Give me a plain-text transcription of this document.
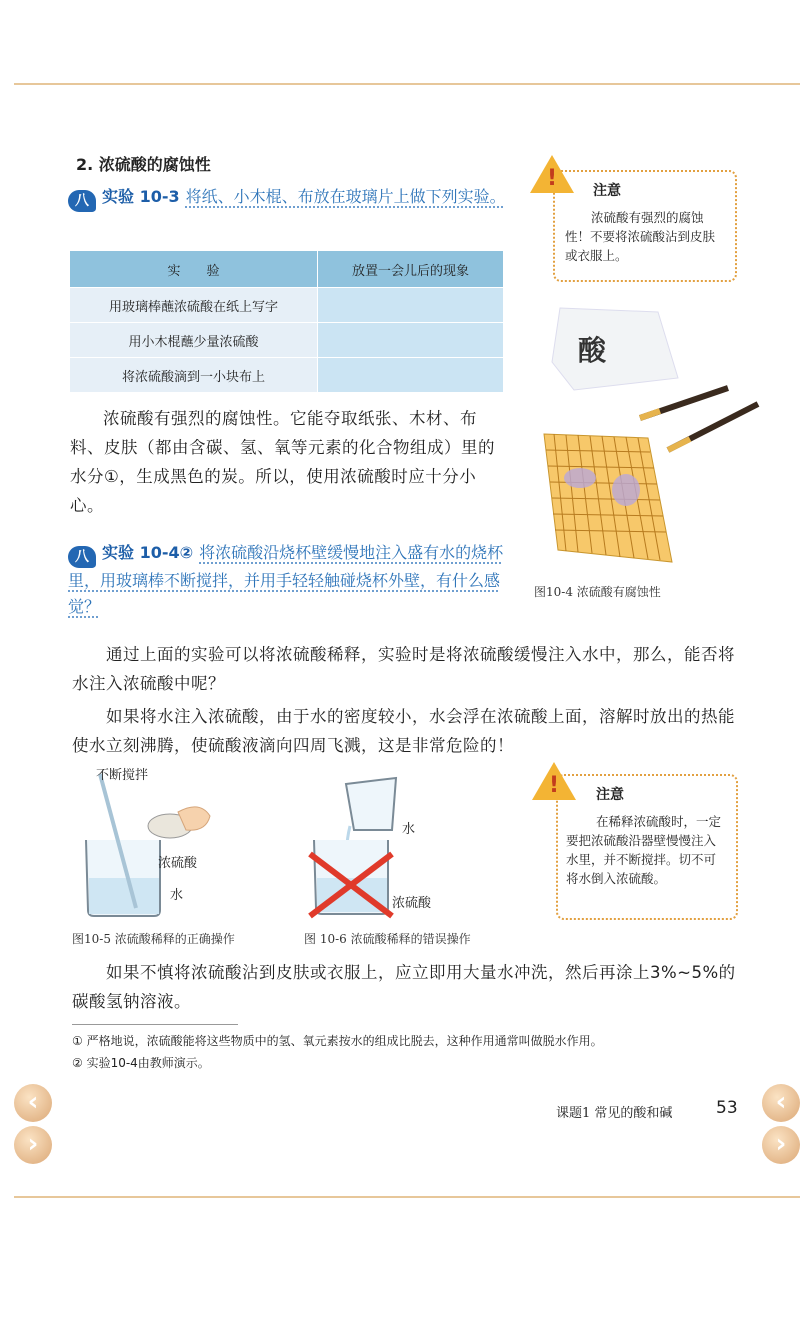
2. 浓硫酸的腐蚀性
八 实验 10-3 将纸、小木棍、布放在玻璃片上做下列实验。
实　　验	放置一会儿后的现象
用玻璃棒蘸浓硫酸在纸上写字	
用小木棍蘸少量浓硫酸	
将浓硫酸滴到一小块布上	
浓硫酸有强烈的腐蚀性。它能夺取纸张、木材、布料、皮肤（都由含碳、氢、氧等元素的化合物组成）里的水分①，生成黑色的炭。所以，使用浓硫酸时应十分小心。
八 实验 10-4② 将浓硫酸沿烧杯壁缓慢地注入盛有水的烧杯里，用玻璃棒不断搅拌，并用手轻轻触碰烧杯外壁，有什么感觉？
注意
浓硫酸有强烈的腐蚀性！不要将浓硫酸沾到皮肤或衣服上。
!
酸
图10-4 浓硫酸有腐蚀性
通过上面的实验可以将浓硫酸稀释，实验时是将浓硫酸缓慢注入水中，那么，能否将水注入浓硫酸中呢？
如果将水注入浓硫酸，由于水的密度较小，水会浮在浓硫酸上面，溶解时放出的热能使水立刻沸腾，使硫酸液滴向四周飞溅，这是非常危险的！
不断搅拌
浓硫酸
水
图10-5 浓硫酸稀释的正确操作
水
浓硫酸
图 10-6 浓硫酸稀释的错误操作
注意
在稀释浓硫酸时，一定要把浓硫酸沿器壁慢慢注入水里，并不断搅拌。切不可将水倒入浓硫酸。
!
如果不慎将浓硫酸沾到皮肤或衣服上，应立即用大量水冲洗，然后再涂上3%~5%的碳酸氢钠溶液。
① 严格地说，浓硫酸能将这些物质中的氢、氧元素按水的组成比脱去，这种作用通常叫做脱水作用。
② 实验10-4由教师演示。
课题1 常见的酸和碱	53
‹
›
‹
›
